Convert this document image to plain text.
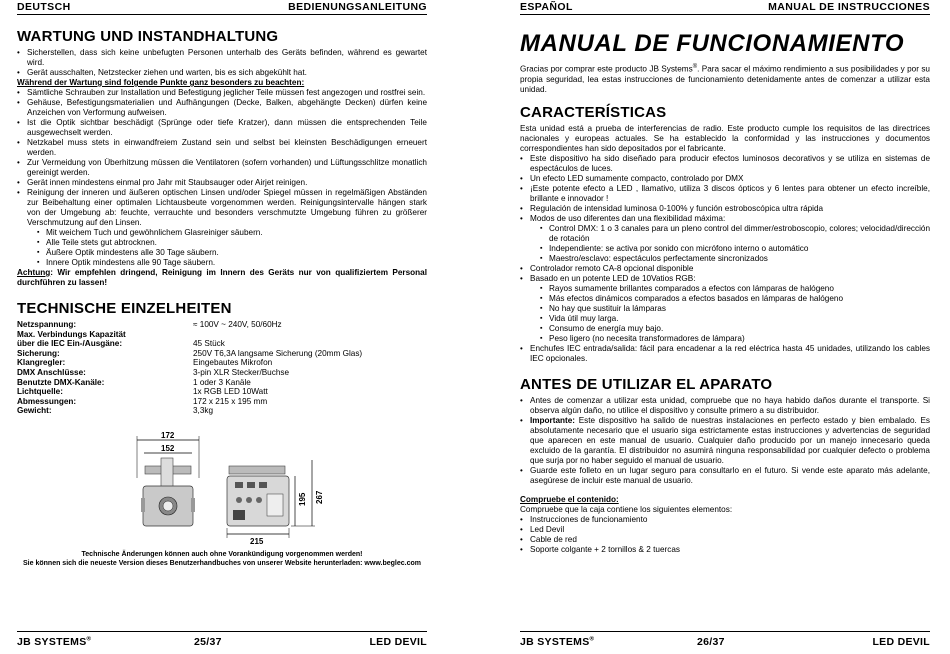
DEUTSCH	BEDIENUNGSANLEITUNG
WARTUNG UND INSTANDHALTUNG
• Sicherstellen, dass sich keine unbefugten Personen unterhalb des Geräts befinden, während es gewartet wird.
• Gerät ausschalten, Netzstecker ziehen und warten, bis es sich abgekühlt hat.
Während der Wartung sind folgende Punkte ganz besonders zu beachten:
• Sämtliche Schrauben zur Installation und Befestigung jeglicher Teile müssen fest angezogen und rostfrei sein.
• Gehäuse, Befestigungsmaterialien und Aufhängungen (Decke, Balken, abgehängte Decken) dürfen keine Anzeichen von Verformung aufweisen.
• Ist die Optik sichtbar beschädigt (Sprünge oder tiefe Kratzer), dann müssen die entsprechenden Teile ausgewechselt werden.
• Netzkabel muss stets in einwandfreiem Zustand sein und selbst bei kleinsten Beschädigungen erneuert werden.
• Zur Vermeidung von Überhitzung müssen die Ventilatoren (sofern vorhanden) und Lüftungsschlitze monatlich gereinigt werden.
• Gerät innen mindestens einmal pro Jahr mit Staubsauger oder Airjet reinigen.
• Reinigung der inneren und äußeren optischen Linsen und/oder Spiegel müssen in regelmäßigen Abständen zur Beibehaltung einer optimalen Lichtausbeute vorgenommen werden. Reinigungsintervalle hängen stark von der Umgebung ab: feuchte, verrauchte und besonders verschmutzte Umgebung führen zu größerer Verschmutzung auf den Linsen.
▪ Mit weichem Tuch und gewöhnlichem Glasreiniger säubern.
▪ Alle Teile stets gut abtrocknen.
▪ Äußere Optik mindestens alle 30 Tage säubern.
▪ Innere Optik mindestens alle 90 Tage säubern.
Achtung: Wir empfehlen dringend, Reinigung im Innern des Geräts nur von qualifiziertem Personal durchführen zu lassen!
TECHNISCHE EINZELHEITEN
Netzspannung:	≈ 100V ~ 240V, 50/60Hz
Max. Verbindungs Kapazität	
über die IEC Ein-/Ausgäne:	45 Stück
Sicherung:	250V T6,3A langsame Sicherung (20mm Glas)
Klangregler:	Eingebautes Mikrofon
DMX Anschlüsse:	3-pin XLR Stecker/Buchse
Benutzte DMX-Kanäle:	1 oder 3 Kanäle
Lichtquelle:	1x RGB LED 10Watt
Abmessungen:	172 x 215 x 195 mm
Gewicht:	3,3kg
172
152
195 267
215
Technische Änderungen können auch ohne Vorankündigung vorgenommen werden!
Sie können sich die neueste Version dieses Benutzerhandbuches von unserer Website herunterladen: www.beglec.com
JB SYSTEMS®	25/37	LED DEVIL
ESPAÑOL	MANUAL DE INSTRUCCIONES
MANUAL DE FUNCIONAMIENTO
Gracias por comprar este producto JB Systems®. Para sacar el máximo rendimiento a sus posibilidades y por su propia seguridad, lea estas instrucciones de funcionamiento detenidamente antes de comenzar a utilizar esta unidad.
CARACTERÍSTICAS
Esta unidad está a prueba de interferencias de radio. Este producto cumple los requisitos de las directrices nacionales y europeas actuales. Se ha establecido la conformidad y las instrucciones y documentos correspondientes han sido depositados por el fabricante.
• Este dispositivo ha sido diseñado para producir efectos luminosos decorativos y se utiliza en sistemas de espectáculos de luces.
• Un efecto LED sumamente compacto, controlado por DMX
• ¡Este potente efecto a LED , llamativo, utiliza 3 discos ópticos y 6 lentes para obtener un efecto increíble, brillante e innovador !
• Regulación de intensidad luminosa 0-100% y función estroboscópica ultra rápida
• Modos de uso diferentes dan una flexibilidad máxima:
▪ Control DMX: 1 o 3 canales para un pleno control del dimmer/estroboscopio, colores; velocidad/dirección de rotación
▪ Independiente: se activa por sonido con micrófono interno o automático
▪ Maestro/esclavo: espectáculos perfectamente sincronizados
• Controlador remoto CA-8 opcional disponible
• Basado en un potente LED de 10Vatios RGB:
▪ Rayos sumamente brillantes comparados a efectos con lámparas de halógeno
▪ Más efectos dinámicos comparados a efectos basados en lámparas de halógeno
▪ No hay que sustituir la lámparas
▪ Vida útil muy larga.
▪ Consumo de energía muy bajo.
▪ Peso ligero (no necesita transformadores de lámpara)
• Enchufes IEC entrada/salida: fácil para encadenar a la red eléctrica hasta 45 unidades, utilizando los cables IEC opcionales.
ANTES DE UTILIZAR EL APARATO
• Antes de comenzar a utilizar esta unidad, compruebe que no haya habido daños durante el transporte. Si observa algún daño, no utilice el dispositivo y consulte primero a su distribuidor.
• Importante: Este dispositivo ha salido de nuestras instalaciones en perfecto estado y bien embalado. Es absolutamente necesario que el usuario siga estrictamente estas instrucciones y advertencias de seguridad que aparecen en este manual de usuario. Cualquier daño producido por un manejo innecesario queda excluido de la garantía. El distribuidor no asumirá ninguna responsabilidad por cualquier defecto o problema que surja por no haber seguido el manual de usuario.
• Guarde este folleto en un lugar seguro para consultarlo en el futuro. Si vende este aparato más adelante, asegúrese de incluir este manual de usuario.
Compruebe el contenido:
Compruebe que la caja contiene los siguientes elementos:
• Instrucciones de funcionamiento
• Led Devil
• Cable de red
• Soporte colgante + 2 tornillos & 2 tuercas
JB SYSTEMS®	26/37	LED DEVIL
